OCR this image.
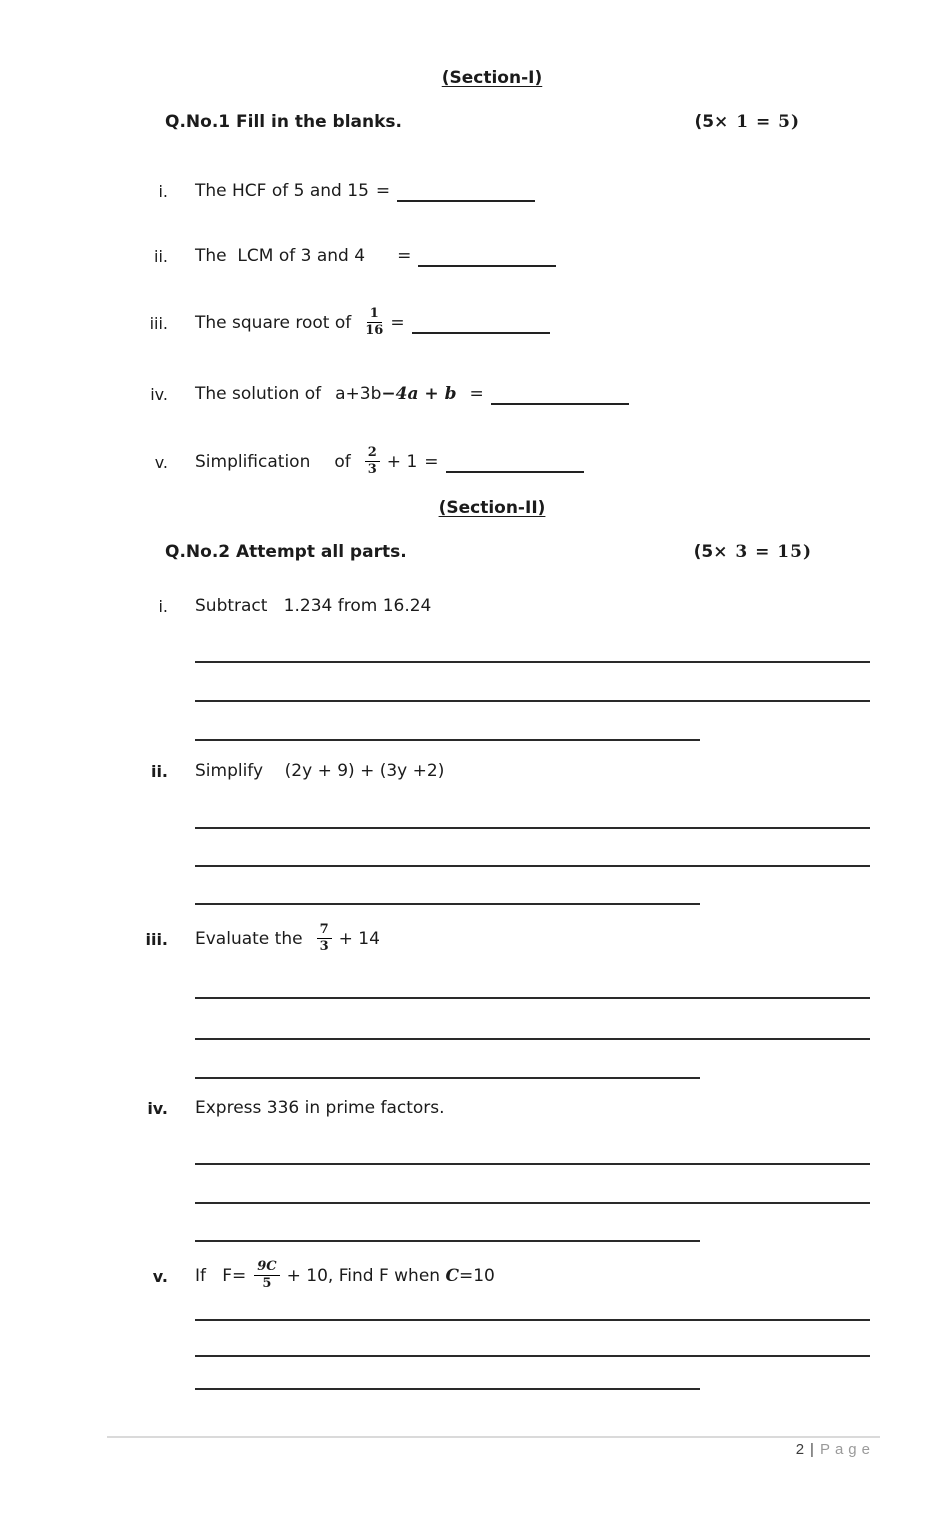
(Section-I)
Q.No.1 Fill in the blanks.	(5× 1 = 5)
i. The HCF of 5 and 15 =
ii. The  LCM of 3 and 4 =
iii. The square root of $\frac{1}{16}$ =
iv. The solution of a+3b −4a + b =
v. Simplification of $\frac{2}{3} + 1$ =
(Section-II)
Q.No.2 Attempt all parts.	(5× 3 = 15)
i. Subtract   1.234 from 16.24
ii. Simplify    (2y + 9) + (3y +2)
iii. Evaluate the $\frac{7}{3} + 14$
iv. Express 336 in prime factors.
v. If   $F= \frac{9C}{5} + 10$, Find F when C =10
2 | Page
